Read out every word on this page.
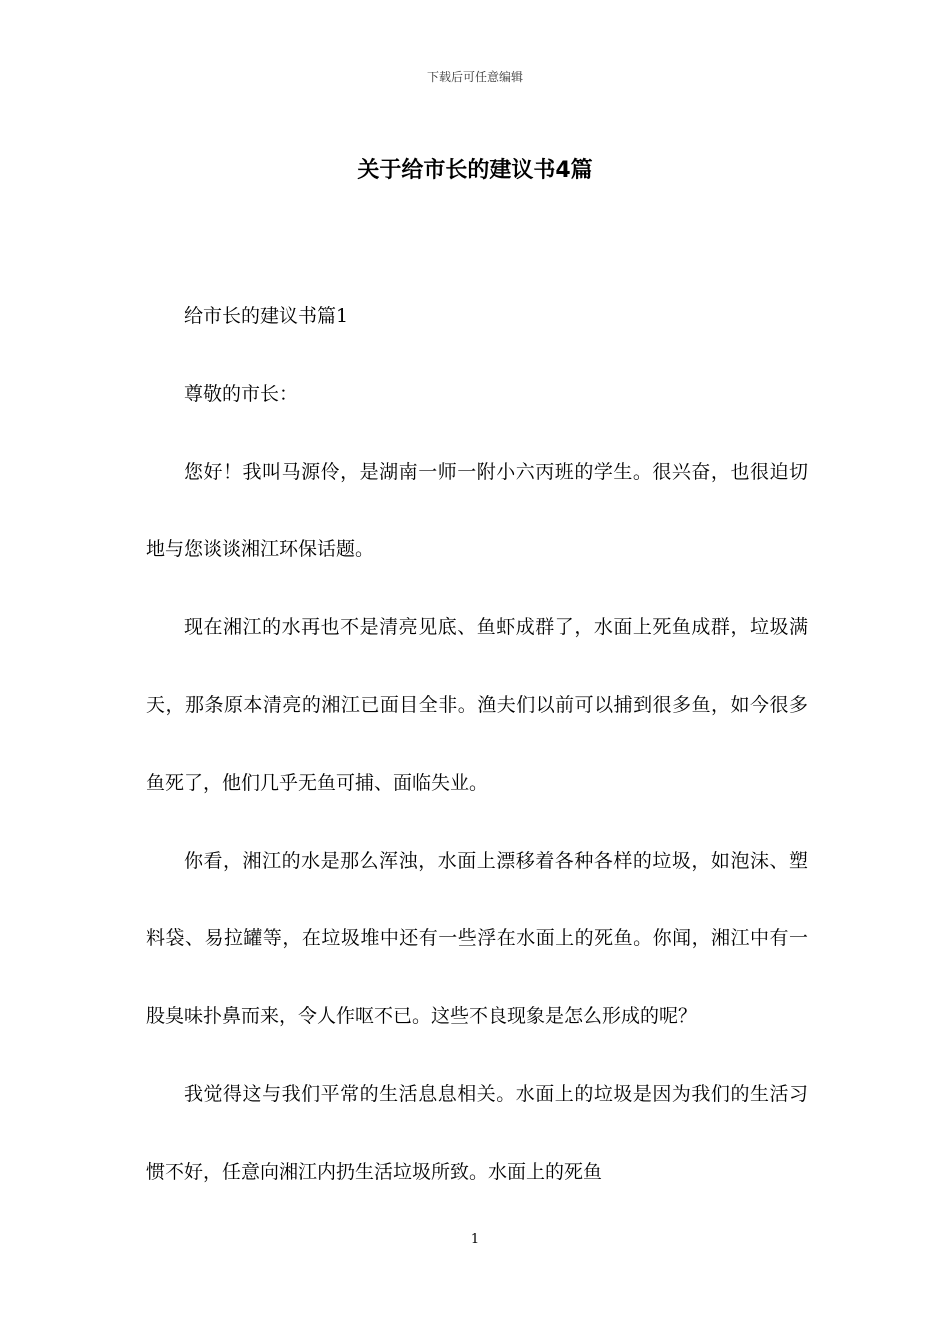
下载后可任意编辑
关于给市长的建议书4篇

给市长的建议书篇1

尊敬的市长：

您好！我叫马源伶，是湖南一师一附小六丙班的学生。很兴奋，也很迫切地与您谈谈湘江环保话题。

现在湘江的水再也不是清亮见底、鱼虾成群了，水面上死鱼成群，垃圾满天，那条原本清亮的湘江已面目全非。渔夫们以前可以捕到很多鱼，如今很多鱼死了，他们几乎无鱼可捕、面临失业。

你看，湘江的水是那么浑浊，水面上漂移着各种各样的垃圾，如泡沫、塑料袋、易拉罐等，在垃圾堆中还有一些浮在水面上的死鱼。你闻，湘江中有一股臭味扑鼻而来，令人作呕不已。这些不良现象是怎么形成的呢？

我觉得这与我们平常的生活息息相关。水面上的垃圾是因为我们的生活习惯不好，任意向湘江内扔生活垃圾所致。水面上的死鱼

1
